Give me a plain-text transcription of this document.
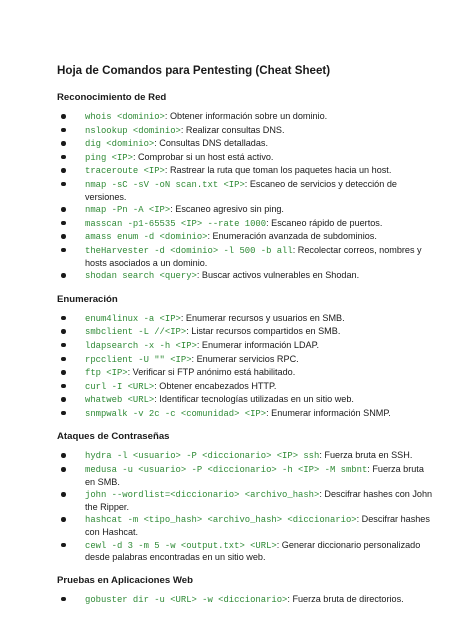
Hoja de Comandos para Pentesting (Cheat Sheet)
Reconocimiento de Red
whois <dominio>: Obtener información sobre un dominio.
nslookup <dominio>: Realizar consultas DNS.
dig <dominio>: Consultas DNS detalladas.
ping <IP>: Comprobar si un host está activo.
traceroute <IP>: Rastrear la ruta que toman los paquetes hacia un host.
nmap -sC -sV -oN scan.txt <IP>: Escaneo de servicios y detección de versiones.
nmap -Pn -A <IP>: Escaneo agresivo sin ping.
masscan -p1-65535 <IP> --rate 1000: Escaneo rápido de puertos.
amass enum -d <dominio>: Enumeración avanzada de subdominios.
theHarvester -d <dominio> -l 500 -b all: Recolectar correos, nombres y hosts asociados a un dominio.
shodan search <query>: Buscar activos vulnerables en Shodan.
Enumeración
enum4linux -a <IP>: Enumerar recursos y usuarios en SMB.
smbclient -L //<IP>: Listar recursos compartidos en SMB.
ldapsearch -x -h <IP>: Enumerar información LDAP.
rpcclient -U "" <IP>: Enumerar servicios RPC.
ftp <IP>: Verificar si FTP anónimo está habilitado.
curl -I <URL>: Obtener encabezados HTTP.
whatweb <URL>: Identificar tecnologías utilizadas en un sitio web.
snmpwalk -v 2c -c <comunidad> <IP>: Enumerar información SNMP.
Ataques de Contraseñas
hydra -l <usuario> -P <diccionario> <IP> ssh: Fuerza bruta en SSH.
medusa -u <usuario> -P <diccionario> -h <IP> -M smbnt: Fuerza bruta en SMB.
john --wordlist=<diccionario> <archivo_hash>: Descifrar hashes con John the Ripper.
hashcat -m <tipo_hash> <archivo_hash> <diccionario>: Descifrar hashes con Hashcat.
cewl -d 3 -m 5 -w <output.txt> <URL>: Generar diccionario personalizado desde palabras encontradas en un sitio web.
Pruebas en Aplicaciones Web
gobuster dir -u <URL> -w <diccionario>: Fuerza bruta de directorios.
